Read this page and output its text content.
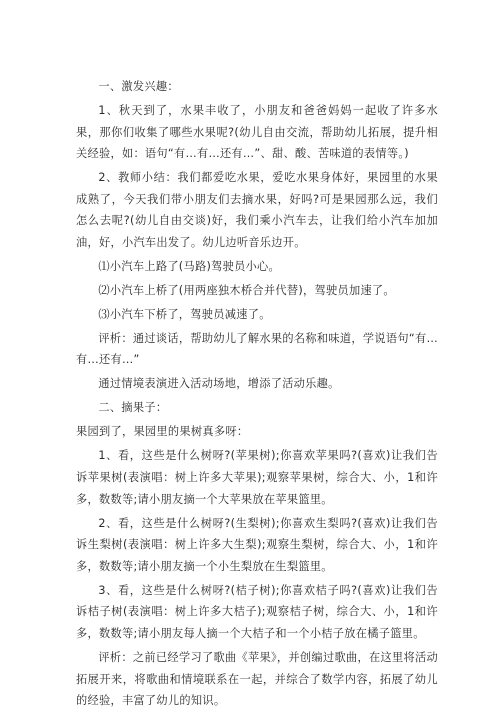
一、激发兴趣：

1、秋天到了，水果丰收了，小朋友和爸爸妈妈一起收了许多水果，那你们收集了哪些水果呢?(幼儿自由交流，帮助幼儿拓展，提升相关经验，如：语句“有…有…还有…”、甜、酸、苦味道的表情等。)

2、教师小结：我们都爱吃水果，爱吃水果身体好，果园里的水果成熟了，今天我们带小朋友们去摘水果，好吗?可是果园那么远，我们怎么去呢?(幼儿自由交谈)好，我们乘小汽车去，让我们给小汽车加加油，好，小汽车出发了。幼儿边听音乐边开。

⑴小汽车上路了(马路)驾驶员小心。

⑵小汽车上桥了(用两座独木桥合并代替)，驾驶员加速了。

⑶小汽车下桥了，驾驶员减速了。

评析：通过谈话，帮助幼儿了解水果的名称和味道，学说语句“有…有…还有…”

通过情境表演进入活动场地，增添了活动乐趣。

二、摘果子：

果园到了，果园里的果树真多呀：

1、看，这些是什么树呀?(苹果树);你喜欢苹果吗?(喜欢)让我们告诉苹果树(表演唱：树上许多大苹果);观察苹果树，综合大、小，1和许多，数数等;请小朋友摘一个大苹果放在苹果篮里。

2、看，这些是什么树呀?(生梨树);你喜欢生梨吗?(喜欢)让我们告诉生梨树(表演唱：树上许多大生梨);观察生梨树，综合大、小，1和许多，数数等;请小朋友摘一个小生梨放在生梨篮里。

3、看，这些是什么树呀?(桔子树);你喜欢桔子吗?(喜欢)让我们告诉桔子树(表演唱：树上许多大桔子);观察桔子树，综合大、小，1和许多，数数等;请小朋友每人摘一个大桔子和一个小桔子放在橘子篮里。

评析：之前已经学习了歌曲《苹果》，并创编过歌曲，在这里将活动拓展开来，将歌曲和情境联系在一起，并综合了数学内容，拓展了幼儿的经验，丰富了幼儿的知识。
